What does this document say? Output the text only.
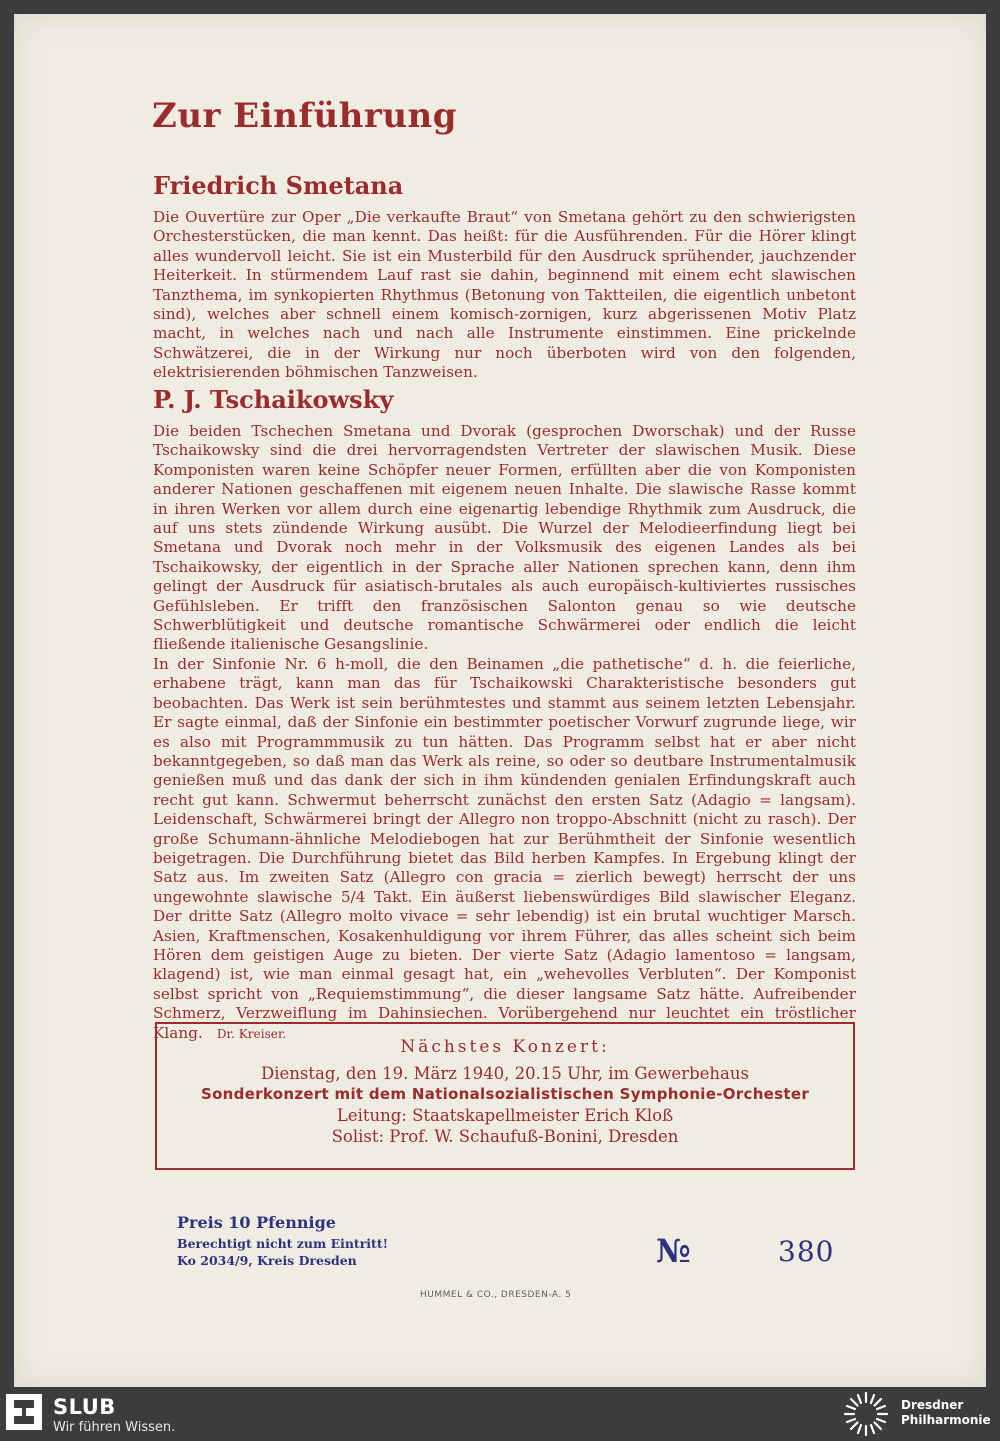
Zur Einführung
Friedrich Smetana

Die Ouvertüre zur Oper „Die verkaufte Braut“ von Smetana gehört zu den schwierigsten Orchesterstücken, die man kennt. Das heißt: für die Ausführenden. Für die Hörer klingt alles wundervoll leicht. Sie ist ein Musterbild für den Ausdruck sprühender, jauchzender Heiterkeit. In stürmendem Lauf rast sie dahin, beginnend mit einem echt slawischen Tanzthema, im synkopierten Rhythmus (Betonung von Taktteilen, die eigentlich unbetont sind), welches aber schnell einem komisch-zornigen, kurz abgerissenen Motiv Platz macht, in welches nach und nach alle Instrumente einstimmen. Eine prickelnde Schwätzerei, die in der Wirkung nur noch überboten wird von den folgenden, elektrisierenden böhmischen Tanzweisen.

P. J. Tschaikowsky

Die beiden Tschechen Smetana und Dvorak (gesprochen Dworschak) und der Russe Tschaikowsky sind die drei hervorragendsten Vertreter der slawischen Musik. Diese Komponisten waren keine Schöpfer neuer Formen, erfüllten aber die von Komponisten anderer Nationen geschaffenen mit eigenem neuen Inhalte. Die slawische Rasse kommt in ihren Werken vor allem durch eine eigenartig lebendige Rhythmik zum Ausdruck, die auf uns stets zündende Wirkung ausübt. Die Wurzel der Melodieerfindung liegt bei Smetana und Dvorak noch mehr in der Volksmusik des eigenen Landes als bei Tschaikowsky, der eigentlich in der Sprache aller Nationen sprechen kann, denn ihm gelingt der Ausdruck für asiatisch-brutales als auch europäisch-kultiviertes russisches Gefühlsleben. Er trifft den französischen Salonton genau so wie deutsche Schwerblütigkeit und deutsche romantische Schwärmerei oder endlich die leicht fließende italienische Gesangslinie.

In der Sinfonie Nr. 6 h-moll, die den Beinamen „die pathetische“ d. h. die feierliche, erhabene trägt, kann man das für Tschaikowski Charakteristische besonders gut beobachten. Das Werk ist sein berühmtestes und stammt aus seinem letzten Lebensjahr. Er sagte einmal, daß der Sinfonie ein bestimmter poetischer Vorwurf zugrunde liege, wir es also mit Programmmusik zu tun hätten. Das Programm selbst hat er aber nicht bekanntgegeben, so daß man das Werk als reine, so oder so deutbare Instrumentalmusik genießen muß und das dank der sich in ihm kündenden genialen Erfindungskraft auch recht gut kann. Schwermut beherrscht zunächst den ersten Satz (Adagio = langsam). Leidenschaft, Schwärmerei bringt der Allegro non troppo-Abschnitt (nicht zu rasch). Der große Schumann-ähnliche Melodiebogen hat zur Berühmtheit der Sinfonie wesentlich beigetragen. Die Durchführung bietet das Bild herben Kampfes. In Ergebung klingt der Satz aus. Im zweiten Satz (Allegro con gracia = zierlich bewegt) herrscht der uns ungewohnte slawische 5/4 Takt. Ein äußerst liebenswürdiges Bild slawischer Eleganz. Der dritte Satz (Allegro molto vivace = sehr lebendig) ist ein brutal wuchtiger Marsch. Asien, Kraftmenschen, Kosakenhuldigung vor ihrem Führer, das alles scheint sich beim Hören dem geistigen Auge zu bieten. Der vierte Satz (Adagio lamentoso = langsam, klagend) ist, wie man einmal gesagt hat, ein „wehevolles Verbluten“. Der Komponist selbst spricht von „Requiemstimmung“, die dieser langsame Satz hätte. Aufreibender Schmerz, Verzweiflung im Dahinsiechen. Vorübergehend nur leuchtet ein tröstlicher Klang. Dr. Kreiser.

Nächstes Konzert:
Dienstag, den 19. März 1940, 20.15 Uhr, im Gewerbehaus
Sonderkonzert mit dem Nationalsozialistischen Symphonie-Orchester
Leitung: Staatskapellmeister Erich Kloß
Solist: Prof. W. Schaufuß-Bonini, Dresden
Preis 10 Pfennige
Berechtigt nicht zum Eintritt!
Ko 2034/9, Kreis Dresden	№	380
HUMMEL & CO., DRESDEN-A. 5
SLUB
Wir führen Wissen.
Dresdner
Philharmonie
